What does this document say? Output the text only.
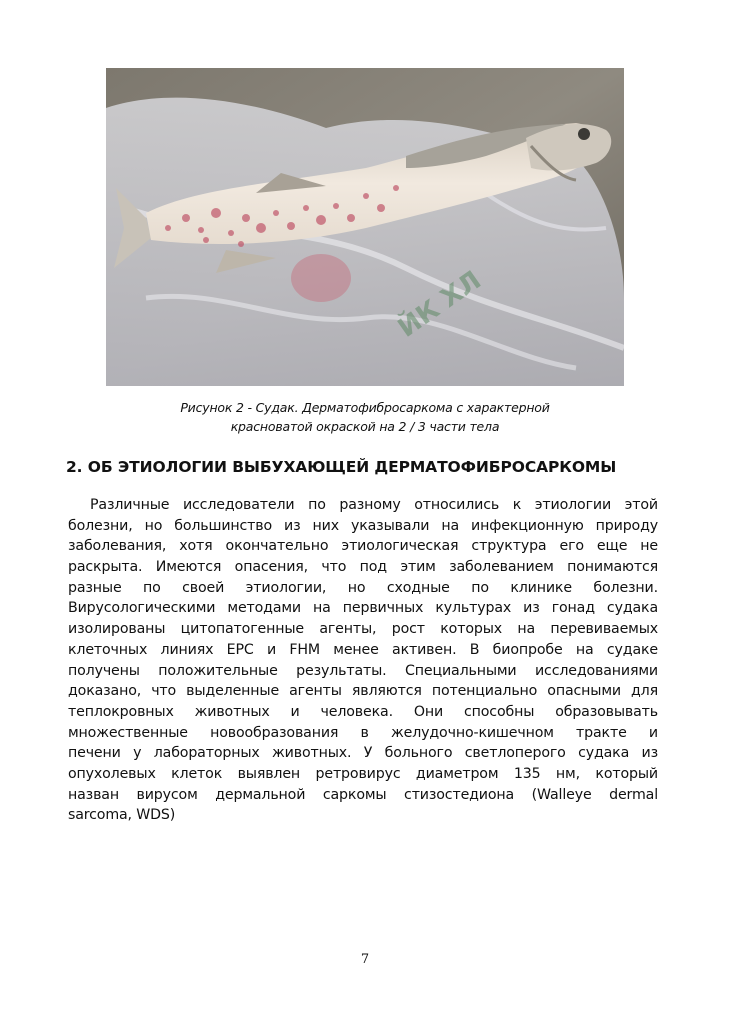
ЙК ХЛ
Рисунок 2 - Судак. Дерматофибросаркома с характерной
красноватой окраской на 2 / 3 части тела
2. ОБ ЭТИОЛОГИИ ВЫБУХАЮЩЕЙ ДЕРМАТОФИБРОСАРКОМЫ
Различные исследователи по разному относились к этиологии этой
болезни, но большинство из них указывали на инфекционную природу
заболевания, хотя окончательно этиологическая структура его еще не
раскрыта. Имеются опасения, что под этим заболеванием понимаются
разные по своей этиологии, но сходные по клинике болезни.
Вирусологическими методами на первичных культурах из гонад судака
изолированы цитопатогенные агенты, рост которых на перевиваемых
клеточных линиях EPC и FHM менее активен. В биопробе на судаке
получены положительные результаты. Специальными исследованиями
доказано, что выделенные агенты являются потенциально опасными для
теплокровных животных и человека. Они способны образовывать
множественные новообразования в желудочно-кишечном тракте и
печени у лабораторных животных. У больного светлоперого судака из
опухолевых клеток выявлен ретровирус диаметром 135 нм, который
назван вирусом дермальной саркомы стизостедиона (Walleye dermal
sarcoma, WDS)
7
